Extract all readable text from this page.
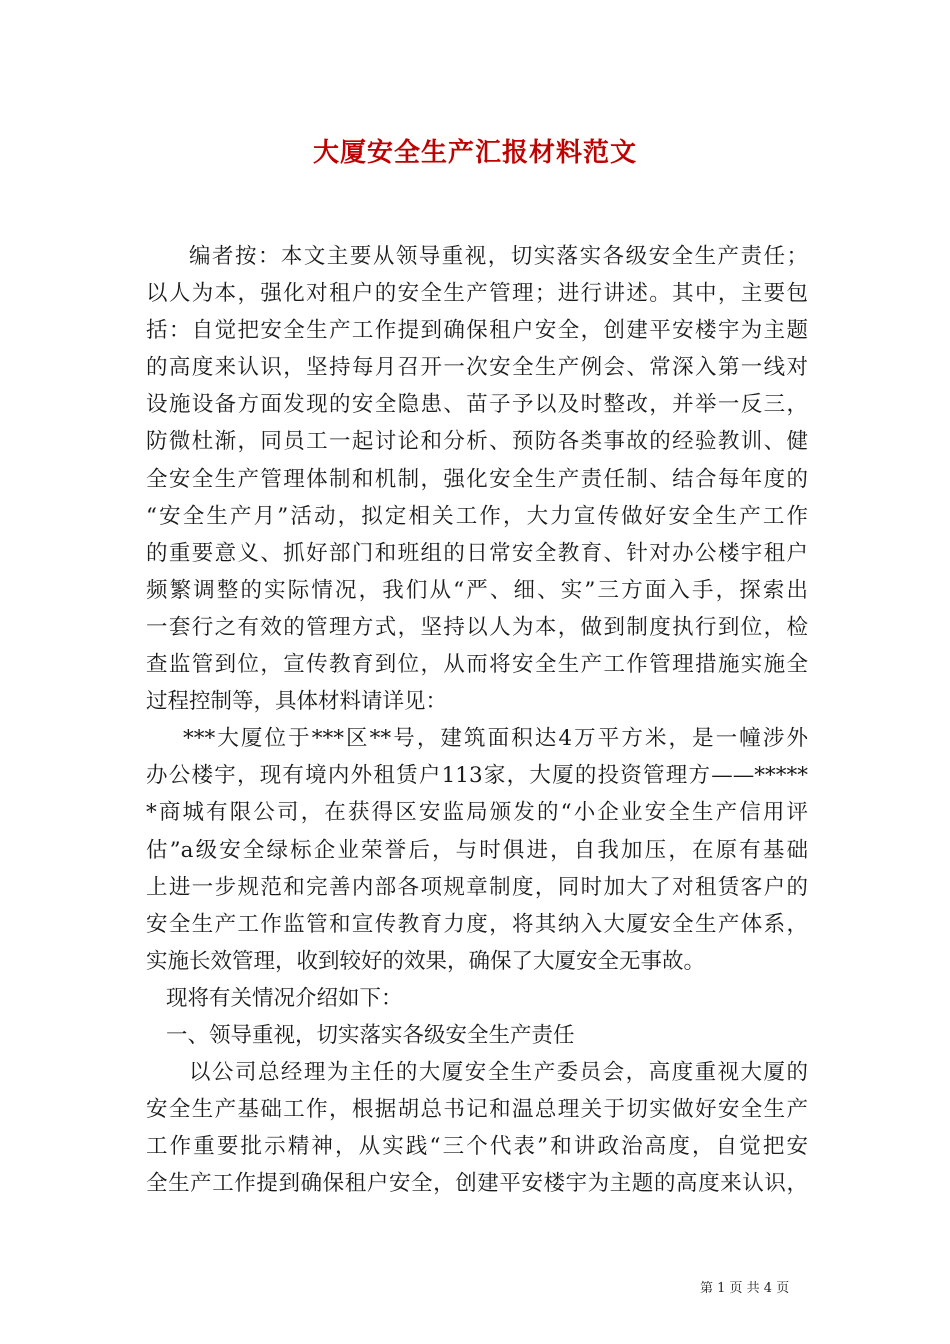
大厦安全生产汇报材料范文
编者按：本文主要从领导重视，切实落实各级安全生产责任；
以人为本，强化对租户的安全生产管理；进行讲述。其中，主要包
括：自觉把安全生产工作提到确保租户安全，创建平安楼宇为主题
的高度来认识，坚持每月召开一次安全生产例会、常深入第一线对
设施设备方面发现的安全隐患、苗子予以及时整改，并举一反三，
防微杜渐，同员工一起讨论和分析、预防各类事故的经验教训、健
全安全生产管理体制和机制，强化安全生产责任制、结合每年度的
“安全生产月”活动，拟定相关工作，大力宣传做好安全生产工作
的重要意义、抓好部门和班组的日常安全教育、针对办公楼宇租户
频繁调整的实际情况，我们从“严、细、实”三方面入手，探索出
一套行之有效的管理方式，坚持以人为本，做到制度执行到位，检
查监管到位，宣传教育到位，从而将安全生产工作管理措施实施全
过程控制等，具体材料请详见：
***大厦位于***区**号，建筑面积达4万平方米，是一幢涉外
办公楼宇，现有境内外租赁户113家，大厦的投资管理方——*****
*商城有限公司，在获得区安监局颁发的“小企业安全生产信用评
估”a级安全绿标企业荣誉后，与时俱进，自我加压，在原有基础
上进一步规范和完善内部各项规章制度，同时加大了对租赁客户的
安全生产工作监管和宣传教育力度，将其纳入大厦安全生产体系，
实施长效管理，收到较好的效果，确保了大厦安全无事故。
现将有关情况介绍如下：
一、领导重视，切实落实各级安全生产责任
以公司总经理为主任的大厦安全生产委员会，高度重视大厦的
安全生产基础工作，根据胡总书记和温总理关于切实做好安全生产
工作重要批示精神，从实践“三个代表”和讲政治高度，自觉把安
全生产工作提到确保租户安全，创建平安楼宇为主题的高度来认识，
第 1 页 共 4 页
